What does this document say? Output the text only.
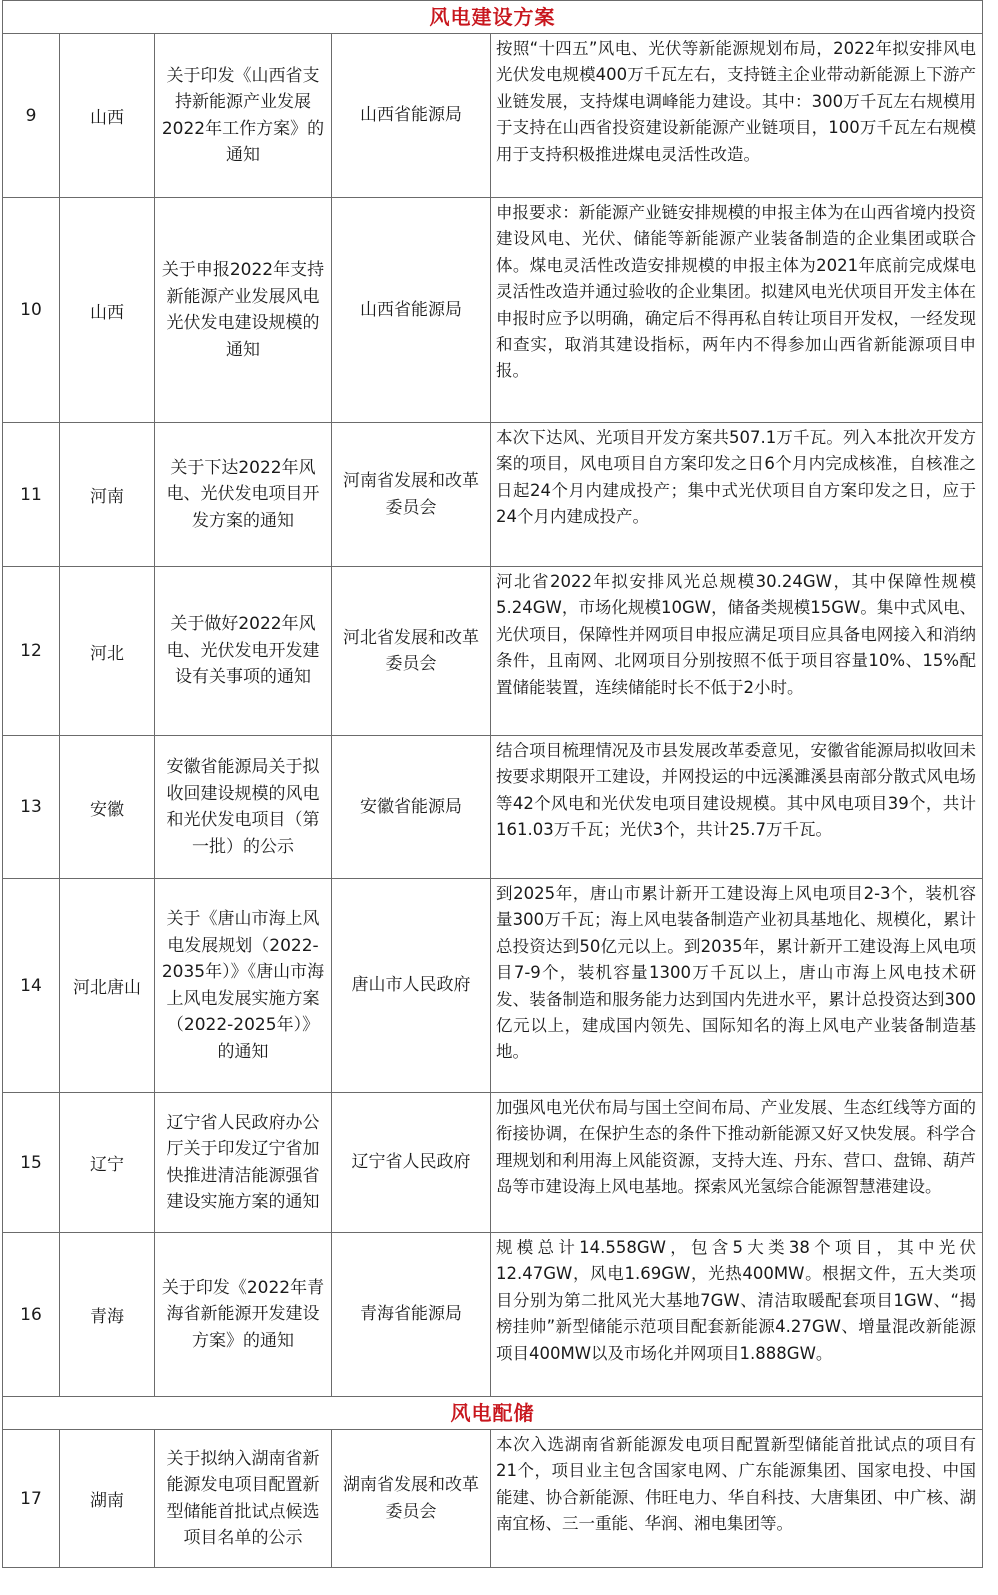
风电建设方案				
9	山西	关于印发《山西省支持新能源产业发展2022年工作方案》的通知	山西省能源局	按照“十四五”风电、光伏等新能源规划布局，2022年拟安排风电光伏发电规模400万千瓦左右，支持链主企业带动新能源上下游产业链发展，支持煤电调峰能力建设。其中：300万千瓦左右规模用于支持在山西省投资建设新能源产业链项目，100万千瓦左右规模用于支持积极推进煤电灵活性改造。
10	山西	关于申报2022年支持新能源产业发展风电光伏发电建设规模的通知	山西省能源局	申报要求：新能源产业链安排规模的申报主体为在山西省境内投资建设风电、光伏、储能等新能源产业装备制造的企业集团或联合体。煤电灵活性改造安排规模的申报主体为2021年底前完成煤电灵活性改造并通过验收的企业集团。拟建风电光伏项目开发主体在申报时应予以明确，确定后不得再私自转让项目开发权，一经发现和查实，取消其建设指标，两年内不得参加山西省新能源项目申报。
11	河南	关于下达2022年风电、光伏发电项目开发方案的通知	河南省发展和改革委员会	本次下达风、光项目开发方案共507.1万千瓦。列入本批次开发方案的项目，风电项目自方案印发之日6个月内完成核准，自核准之日起24个月内建成投产；集中式光伏项目自方案印发之日，应于24个月内建成投产。
12	河北	关于做好2022年风电、光伏发电开发建设有关事项的通知	河北省发展和改革委员会	河北省2022年拟安排风光总规模30.24GW，其中保障性规模5.24GW，市场化规模10GW，储备类规模15GW。集中式风电、光伏项目，保障性并网项目申报应满足项目应具备电网接入和消纳条件，且南网、北网项目分别按照不低于项目容量10%、15%配置储能装置，连续储能时长不低于2小时。
13	安徽	安徽省能源局关于拟收回建设规模的风电和光伏发电项目（第一批）的公示	安徽省能源局	结合项目梳理情况及市县发展改革委意见，安徽省能源局拟收回未按要求期限开工建设，并网投运的中远溪濉溪县南部分散式风电场等42个风电和光伏发电项目建设规模。其中风电项目39个，共计161.03万千瓦；光伏3个，共计25.7万千瓦。
14	河北唐山	关于《唐山市海上风电发展规划（2022-2035年）》《唐山市海上风电发展实施方案（2022-2025年）》的通知	唐山市人民政府	到2025年，唐山市累计新开工建设海上风电项目2-3个，装机容量300万千瓦；海上风电装备制造产业初具基地化、规模化，累计总投资达到50亿元以上。到2035年，累计新开工建设海上风电项目7-9个，装机容量1300万千瓦以上，唐山市海上风电技术研发、装备制造和服务能力达到国内先进水平，累计总投资达到300亿元以上，建成国内领先、国际知名的海上风电产业装备制造基地。
15	辽宁	辽宁省人民政府办公厅关于印发辽宁省加快推进清洁能源强省建设实施方案的通知	辽宁省人民政府	加强风电光伏布局与国土空间布局、产业发展、生态红线等方面的衔接协调，在保护生态的条件下推动新能源又好又快发展。科学合理规划和利用海上风能资源，支持大连、丹东、营口、盘锦、葫芦岛等市建设海上风电基地。探索风光氢综合能源智慧港建设。
16	青海	关于印发《2022年青海省新能源开发建设方案》的通知	青海省能源局	规模总计14.558GW，包含5大类38个项目，其中光伏12.47GW，风电1.69GW，光热400MW。根据文件，五大类项目分别为第二批风光大基地7GW、清洁取暖配套项目1GW、“揭榜挂帅”新型储能示范项目配套新能源4.27GW、增量混改新能源项目400MW以及市场化并网项目1.888GW。
风电配储				
17	湖南	关于拟纳入湖南省新能源发电项目配置新型储能首批试点候选项目名单的公示	湖南省发展和改革委员会	本次入选湖南省新能源发电项目配置新型储能首批试点的项目有21个，项目业主包含国家电网、广东能源集团、国家电投、中国能建、协合新能源、伟旺电力、华自科技、大唐集团、中广核、湖南宜杨、三一重能、华润、湘电集团等。
